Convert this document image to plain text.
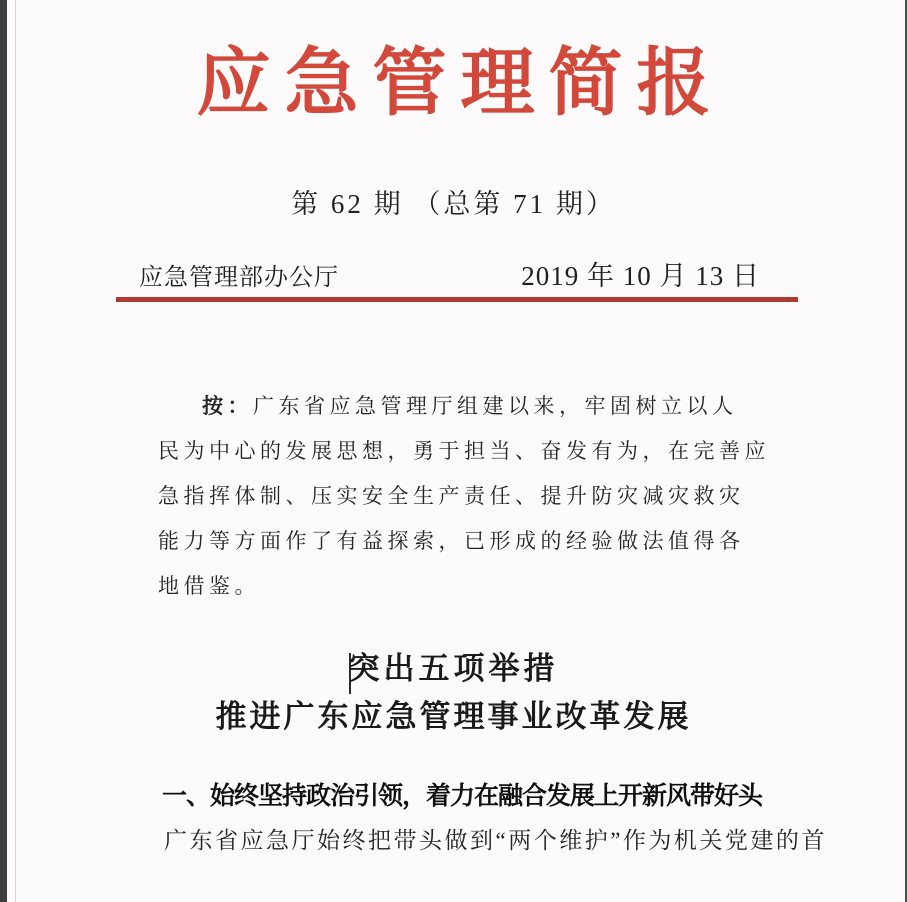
应急管理简报
第 62 期 （总第 71 期）
应急管理部办公厅	2019 年 10 月 13 日
按：广东省应急管理厅组建以来，牢固树立以人
民为中心的发展思想，勇于担当、奋发有为，在完善应
急指挥体制、压实安全生产责任、提升防灾减灾救灾
能力等方面作了有益探索，已形成的经验做法值得各
地借鉴。
突出五项举措
推进广东应急管理事业改革发展
一、始终坚持政治引领，着力在融合发展上开新风带好头
广东省应急厅始终把带头做到“两个维护”作为机关党建的首
